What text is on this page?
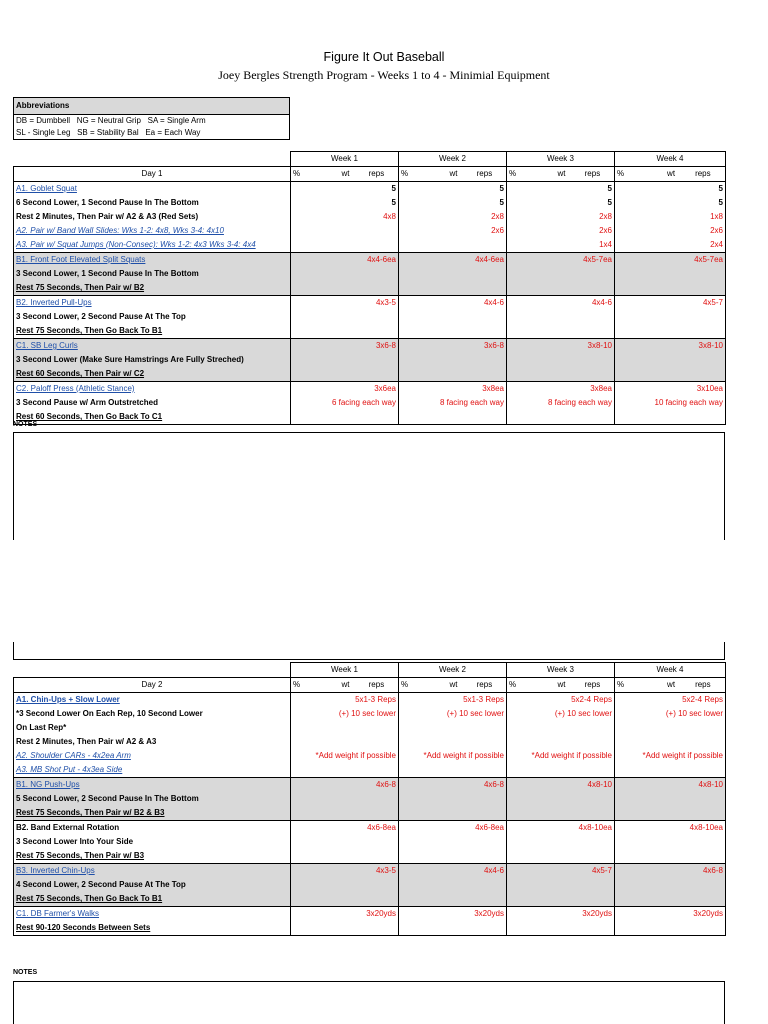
Figure It Out Baseball
Joey Bergles Strength Program - Weeks 1 to 4 - Minimial Equipment
Abbreviations
DB = Dumbbell   NG = Neutral Grip   SA = Single Arm
SL - Single Leg   SB = Stability Bal   Ea = Each Way
	Week 1	Week 2	Week 3	Week 4
Day 1	% wt reps	% wt reps	% wt reps	% wt reps
A1. Goblet Squat	5	5	5	5
6 Second Lower, 1 Second Pause In The Bottom	5	5	5	5
Rest 2 Minutes, Then Pair w/ A2 & A3 (Red Sets)	4x8	2x8	2x8	1x8
A2. Pair w/ Band Wall Slides: Wks 1-2: 4x8, Wks 3-4: 4x10		2x6	2x6	2x6
A3. Pair w/ Squat Jumps (Non-Consec): Wks 1-2: 4x3 Wks 3-4: 4x4			1x4	2x4
B1. Front Foot Elevated Split Squats	4x4-6ea	4x4-6ea	4x5-7ea	4x5-7ea
3 Second Lower, 1 Second Pause In The Bottom				
Rest 75 Seconds, Then Pair w/ B2				
B2. Inverted Pull-Ups	4x3-5	4x4-6	4x4-6	4x5-7
3 Second Lower, 2 Second Pause At The Top				
Rest 75 Seconds, Then Go Back To B1				
C1. SB Leg Curls	3x6-8	3x6-8	3x8-10	3x8-10
3 Second Lower (Make Sure Hamstrings Are Fully Streched)				
Rest 60 Seconds, Then Pair w/ C2				
C2. Paloff Press (Athletic Stance)	3x6ea	3x8ea	3x8ea	3x10ea
3 Second Pause w/ Arm Outstretched	6 facing each way	8 facing each way	8 facing each way	10 facing each way
Rest 60 Seconds, Then Go Back To C1				
NOTES
	Week 1	Week 2	Week 3	Week 4
Day 2	% wt reps	% wt reps	% wt reps	% wt reps
A1. Chin-Ups + Slow Lower	5x1-3 Reps	5x1-3 Reps	5x2-4 Reps	5x2-4 Reps
*3 Second Lower On Each Rep, 10 Second Lower	(+) 10 sec lower	(+) 10 sec lower	(+) 10 sec lower	(+) 10 sec lower
On Last Rep*				
Rest 2 Minutes, Then Pair w/ A2 & A3				
A2. Shoulder CARs - 4x2ea Arm	*Add weight if possible	*Add weight if possible	*Add weight if possible	*Add weight if possible
A3. MB Shot Put - 4x3ea Side				
B1. NG Push-Ups	4x6-8	4x6-8	4x8-10	4x8-10
5 Second Lower, 2 Second Pause In The Bottom				
Rest 75 Seconds, Then Pair w/ B2 & B3				
B2. Band External Rotation	4x6-8ea	4x6-8ea	4x8-10ea	4x8-10ea
3 Second Lower Into Your Side				
Rest 75 Seconds, Then Pair w/ B3				
B3. Inverted Chin-Ups	4x3-5	4x4-6	4x5-7	4x6-8
4 Second Lower, 2 Second Pause At The Top				
Rest 75 Seconds, Then Go Back To B1				
C1. DB Farmer's Walks	3x20yds	3x20yds	3x20yds	3x20yds
Rest 90-120 Seconds Between Sets				
NOTES
